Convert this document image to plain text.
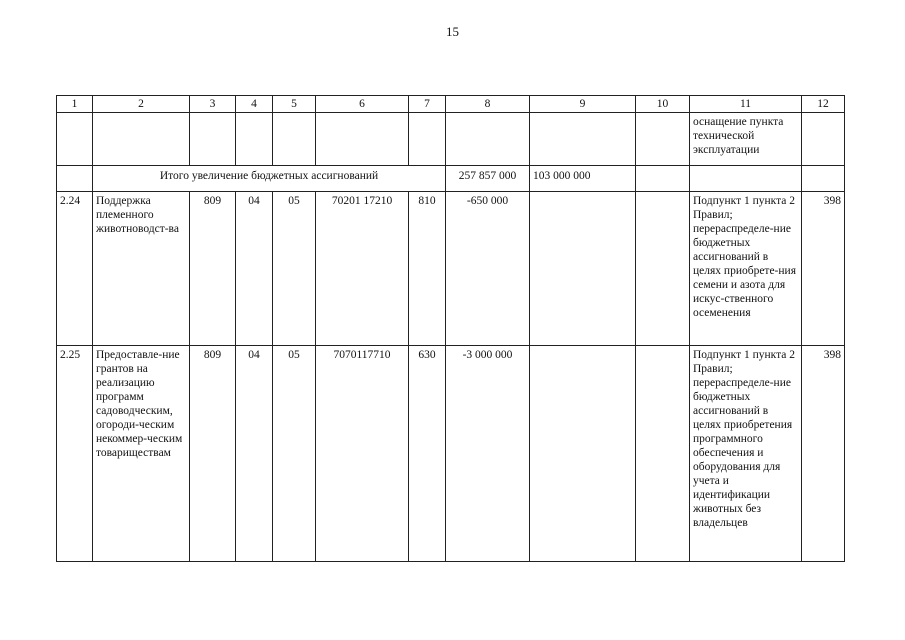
15
1	2	3	4	5	6	7	8	9	10	11	12
										оснащение пункта технической эксплуатации	
	Итого увеличение бюджетных ассигнований						257 857 000	103 000 000			
2.24	Поддержка племенного животноводст-ва	809	04	05	70201 17210	810	-650 000			Подпункт 1 пункта 2 Правил; перераспределе-ние бюджетных ассигнований в целях приобрете-ния семени и азота для искус-ственного осеменения	398
2.25	Предоставле-ние грантов на реализацию программ садоводческим, огороди-ческим некоммер-ческим товариществам	809	04	05	7070117710	630	-3 000 000			Подпункт 1 пункта 2 Правил; перераспределе-ние бюджетных ассигнований в целях приобретения программного обеспечения и оборудования для учета и идентификации животных без владельцев	398
